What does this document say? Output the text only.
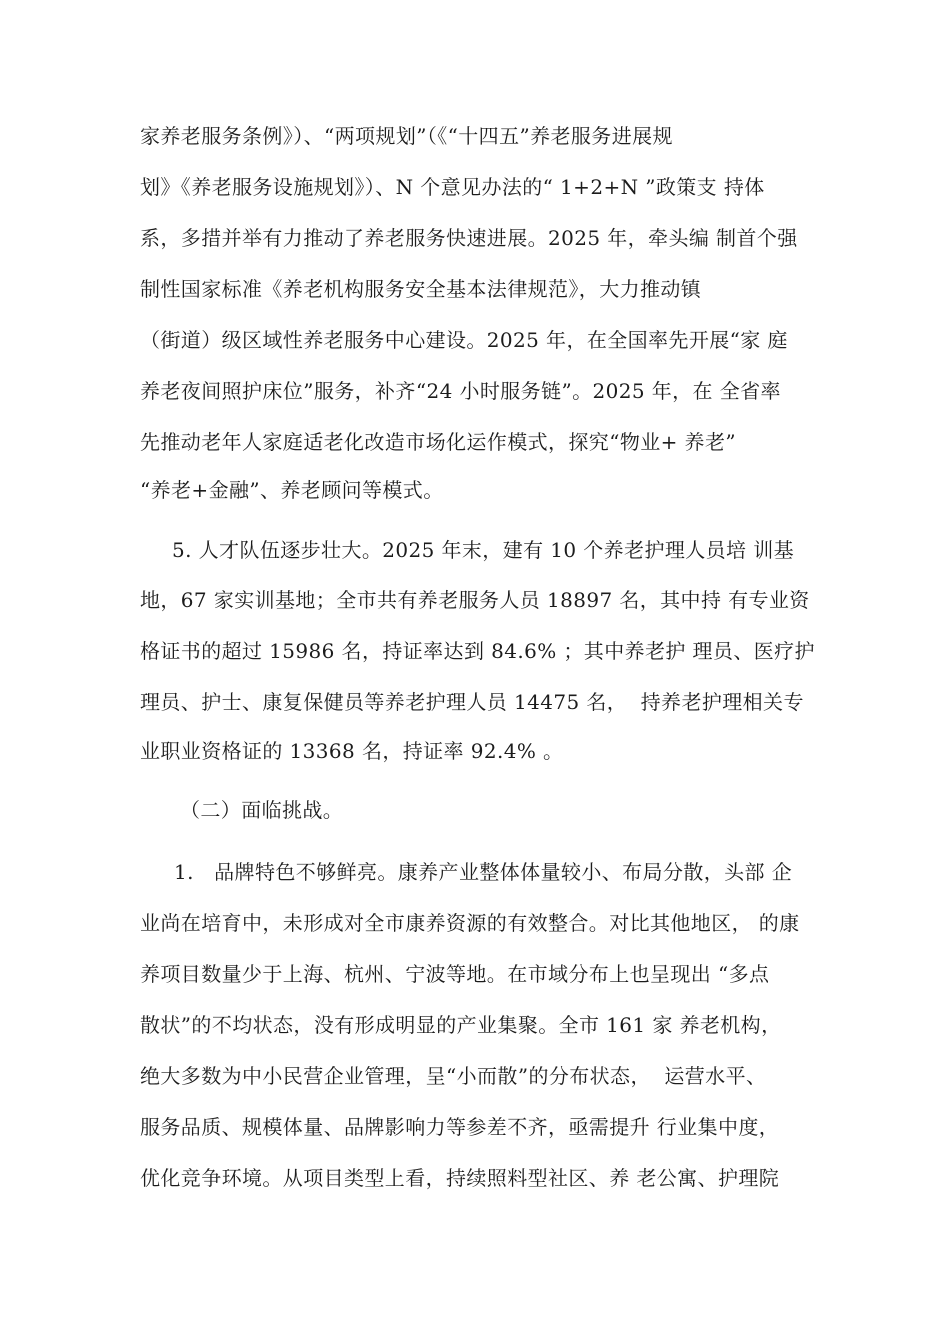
家养老服务条例》）、“两项规划”（《“十四五”养老服务进展规
划》《养老服务设施规划》）、N 个意见办法的“ 1+2+N ”政策支 持体
系，多措并举有力推动了养老服务快速进展。2025 年，牵头编 制首个强
制性国家标准《养老机构服务安全基本法律规范》，大力推动镇
（街道）级区域性养老服务中心建设。2025 年，在全国率先开展“家 庭
养老夜间照护床位”服务，补齐“24 小时服务链”。2025 年，在 全省率
先推动老年人家庭适老化改造市场化运作模式，探究“物业+ 养老”
“养老+金融”、养老顾问等模式。
5. 人才队伍逐步壮大。2025 年末，建有 10 个养老护理人员培 训基
地，67 家实训基地；全市共有养老服务人员 18897 名，其中持 有专业资
格证书的超过 15986 名，持证率达到 84.6% ；其中养老护 理员、医疗护
理员、护士、康复保健员等养老护理人员 14475 名，  持养老护理相关专
业职业资格证的 13368 名，持证率 92.4% 。
（二）面临挑战。
1.   品牌特色不够鲜亮。康养产业整体体量较小、布局分散，头部 企
业尚在培育中，未形成对全市康养资源的有效整合。对比其他地区， 的康
养项目数量少于上海、杭州、宁波等地。在市域分布上也呈现出 “多点
散状”的不均状态，没有形成明显的产业集聚。全市 161 家 养老机构，
绝大多数为中小民营企业管理，呈“小而散”的分布状态，  运营水平、
服务品质、规模体量、品牌影响力等参差不齐，亟需提升 行业集中度，
优化竞争环境。从项目类型上看，持续照料型社区、养 老公寓、护理院
